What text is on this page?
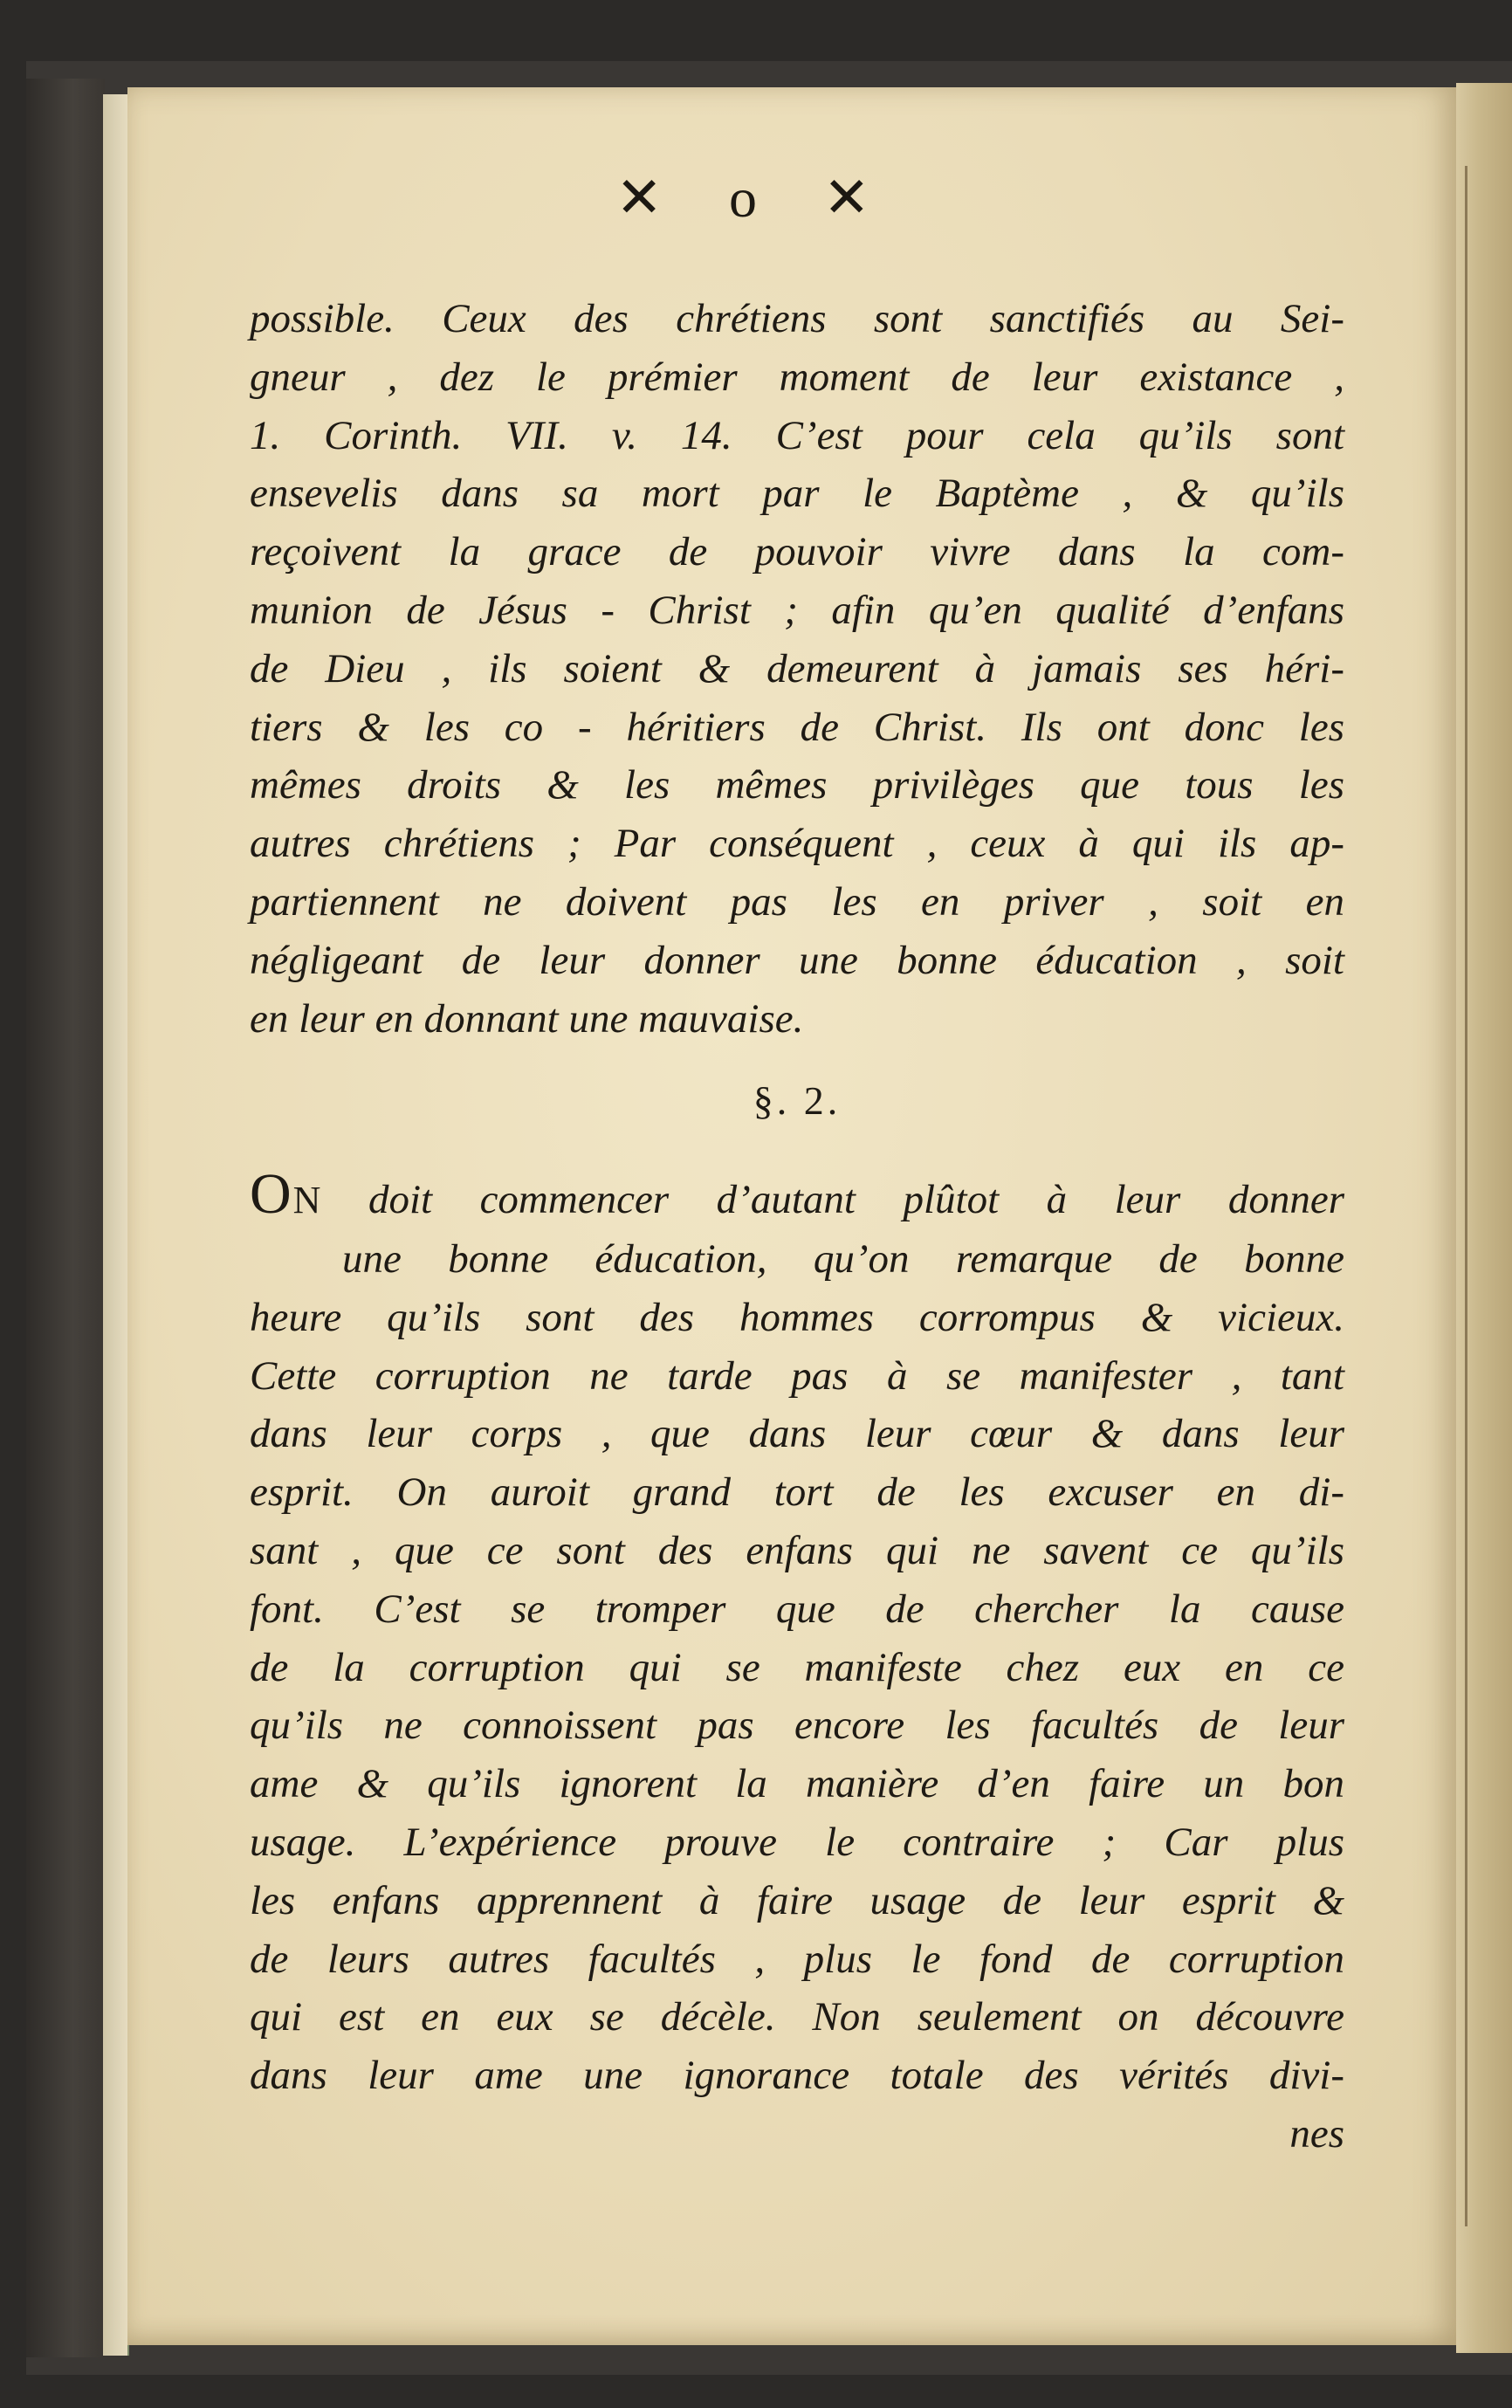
✕ o ✕
possible. Ceux des chrétiens sont sanctifiés au Sei-
gneur , dez le prémier moment de leur existance ,
1. Corinth. VII. v. 14. C’est pour cela qu’ils sont
ensevelis dans sa mort par le Baptème , & qu’ils
reçoivent la grace de pouvoir vivre dans la com-
munion de Jésus - Christ ; afin qu’en qualité d’enfans
de Dieu , ils soient & demeurent à jamais ses héri-
tiers & les co - héritiers de Christ. Ils ont donc les
mêmes droits & les mêmes privilèges que tous les
autres chrétiens ; Par conséquent , ceux à qui ils ap-
partiennent ne doivent pas les en priver , soit en
négligeant de leur donner une bonne éducation , soit
en leur en donnant une mauvaise.
§. 2.
ON doit commencer d’autant plûtot à leur donner
une bonne éducation, qu’on remarque de bonne
heure qu’ils sont des hommes corrompus & vicieux.
Cette corruption ne tarde pas à se manifester , tant
dans leur corps , que dans leur cœur & dans leur
esprit. On auroit grand tort de les excuser en di-
sant , que ce sont des enfans qui ne savent ce qu’ils
font. C’est se tromper que de chercher la cause
de la corruption qui se manifeste chez eux en ce
qu’ils ne connoissent pas encore les facultés de leur
ame & qu’ils ignorent la manière d’en faire un bon
usage. L’expérience prouve le contraire ; Car plus
les enfans apprennent à faire usage de leur esprit &
de leurs autres facultés , plus le fond de corruption
qui est en eux se décèle. Non seulement on découvre
dans leur ame une ignorance totale des vérités divi-
nes
